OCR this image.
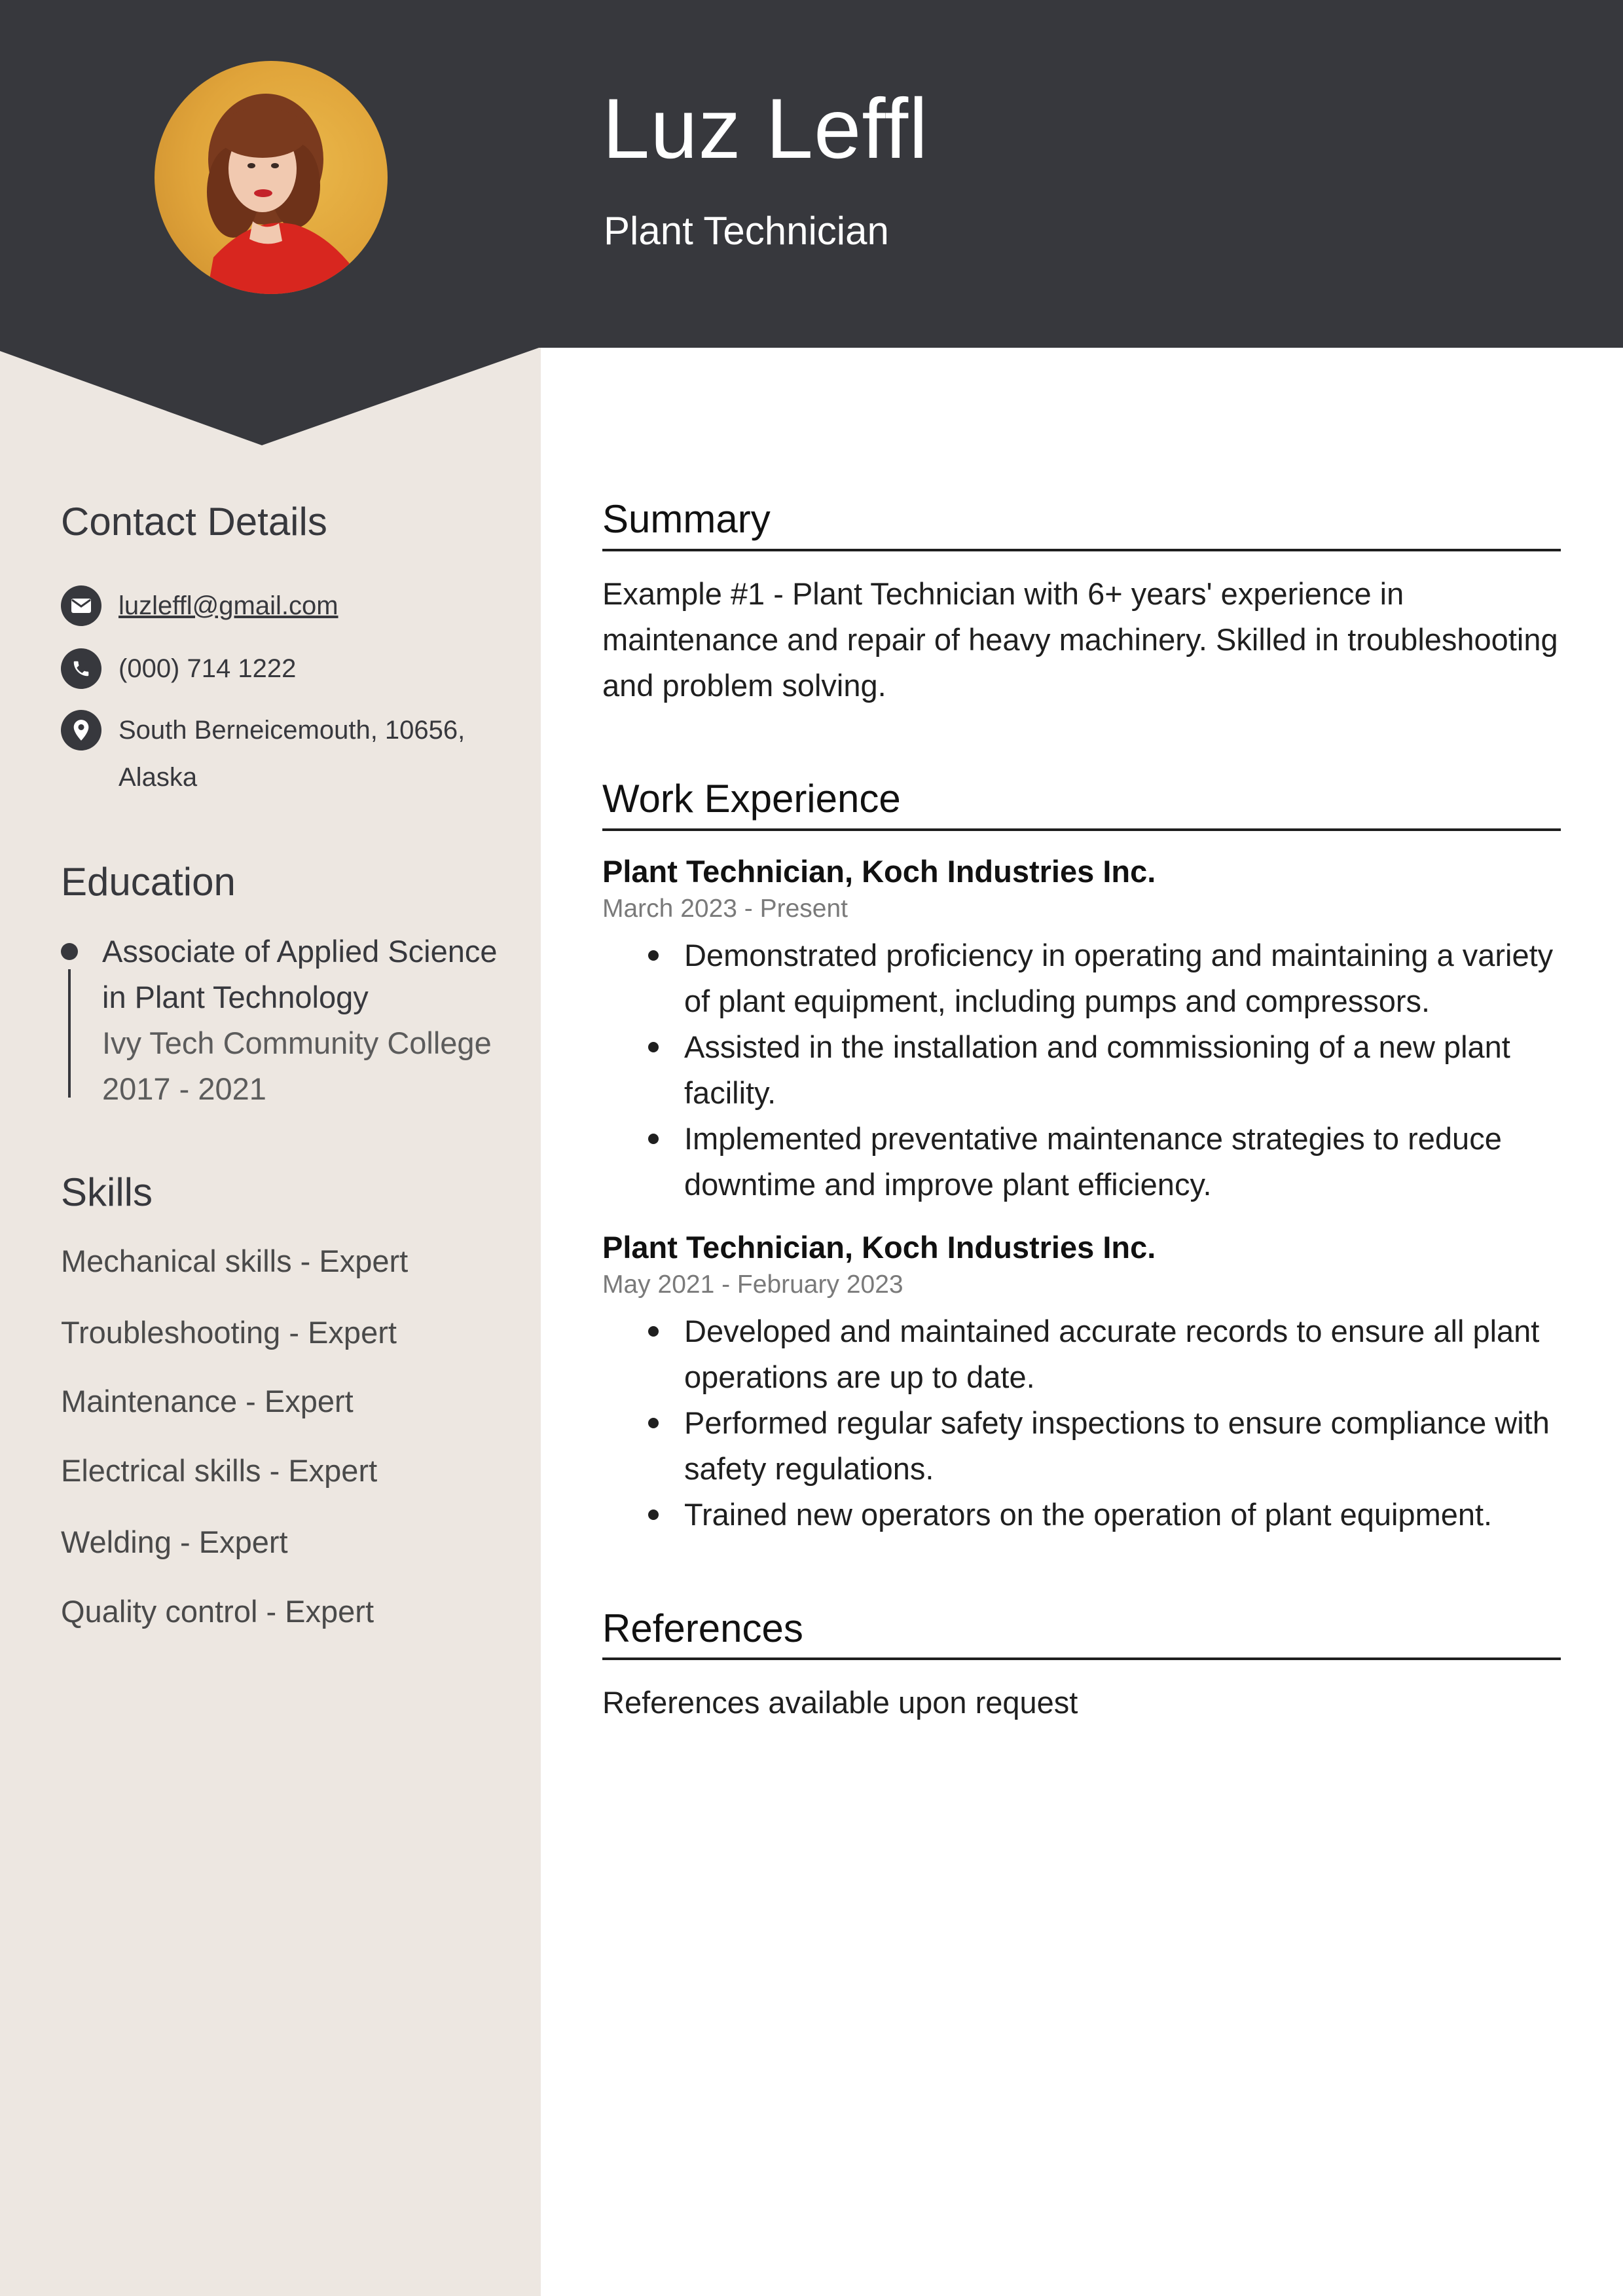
Luz Leffl
Plant Technician
Contact Details
luzleffl@gmail.com
(000) 714 1222
South Berneicemouth, 10656,
Alaska
Education
Associate of Applied Science
in Plant Technology
Ivy Tech Community College
2017 - 2021
Skills
Mechanical skills - Expert
Troubleshooting - Expert
Maintenance - Expert
Electrical skills - Expert
Welding - Expert
Quality control - Expert
Summary
Example #1 - Plant Technician with 6+ years' experience in maintenance and repair of heavy machinery. Skilled in troubleshooting and problem solving.
Work Experience
Plant Technician, Koch Industries Inc.
March 2023 - Present
Demonstrated proficiency in operating and maintaining a variety of plant equipment, including pumps and compressors.
Assisted in the installation and commissioning of a new plant facility.
Implemented preventative maintenance strategies to reduce downtime and improve plant efficiency.
Plant Technician, Koch Industries Inc.
May 2021 - February 2023
Developed and maintained accurate records to ensure all plant operations are up to date.
Performed regular safety inspections to ensure compliance with safety regulations.
Trained new operators on the operation of plant equipment.
References
References available upon request
